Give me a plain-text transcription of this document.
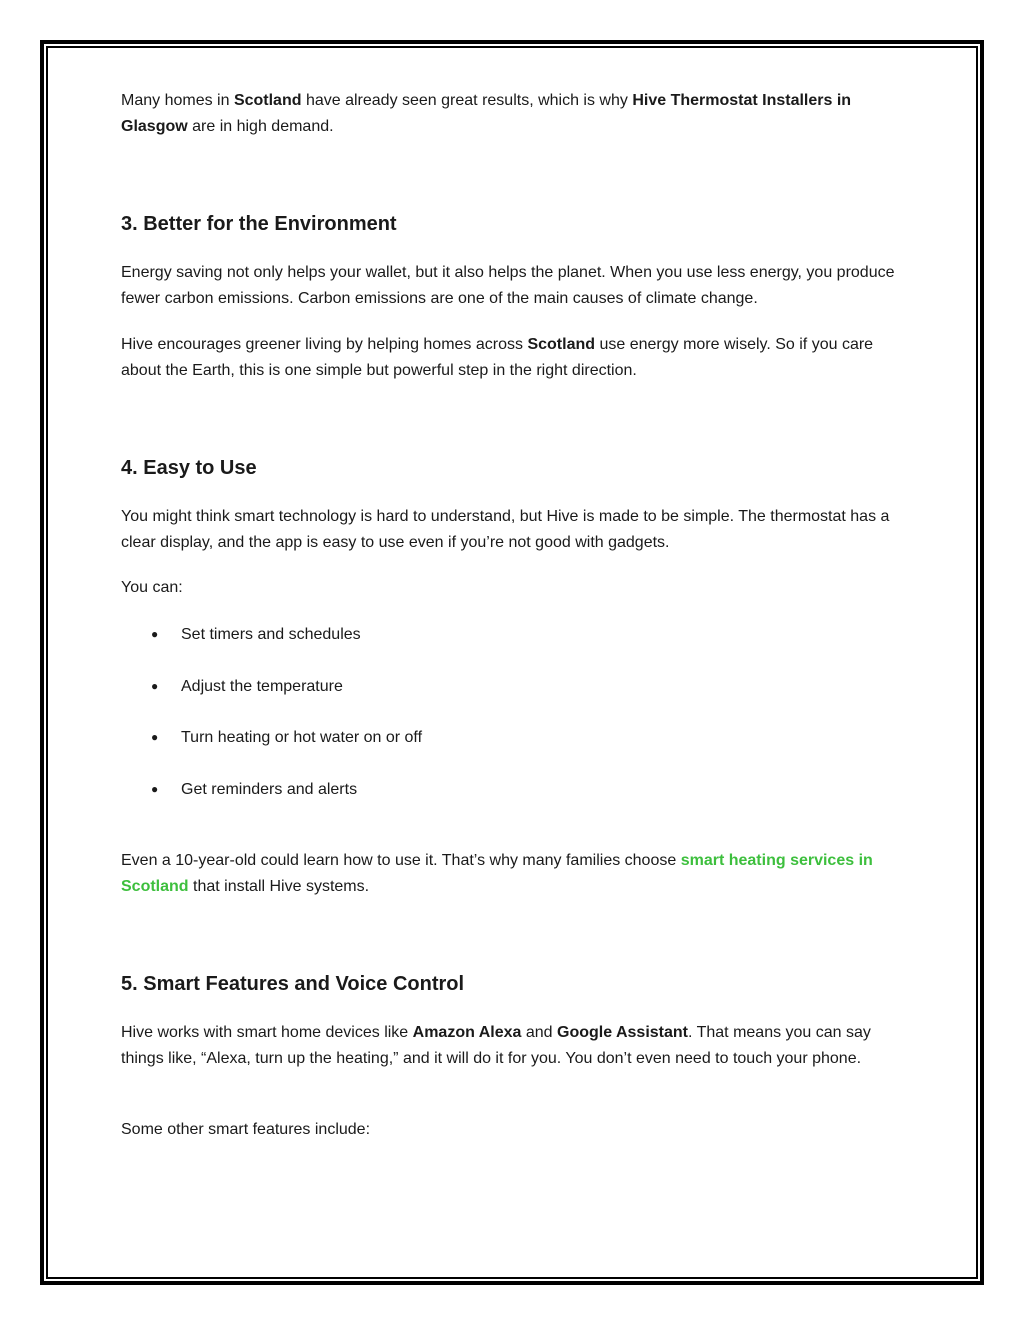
Many homes in Scotland have already seen great results, which is why Hive Thermostat Installers in Glasgow are in high demand.

3. Better for the Environment

Energy saving not only helps your wallet, but it also helps the planet. When you use less energy, you produce fewer carbon emissions. Carbon emissions are one of the main causes of climate change.

Hive encourages greener living by helping homes across Scotland use energy more wisely. So if you care about the Earth, this is one simple but powerful step in the right direction.

4. Easy to Use

You might think smart technology is hard to understand, but Hive is made to be simple. The thermostat has a clear display, and the app is easy to use even if you’re not good with gadgets.

You can:

● Set timers and schedules
● Adjust the temperature
● Turn heating or hot water on or off
● Get reminders and alerts

Even a 10-year-old could learn how to use it. That’s why many families choose smart heating services in Scotland that install Hive systems.

5. Smart Features and Voice Control

Hive works with smart home devices like Amazon Alexa and Google Assistant. That means you can say things like, “Alexa, turn up the heating,” and it will do it for you. You don’t even need to touch your phone.

Some other smart features include:
